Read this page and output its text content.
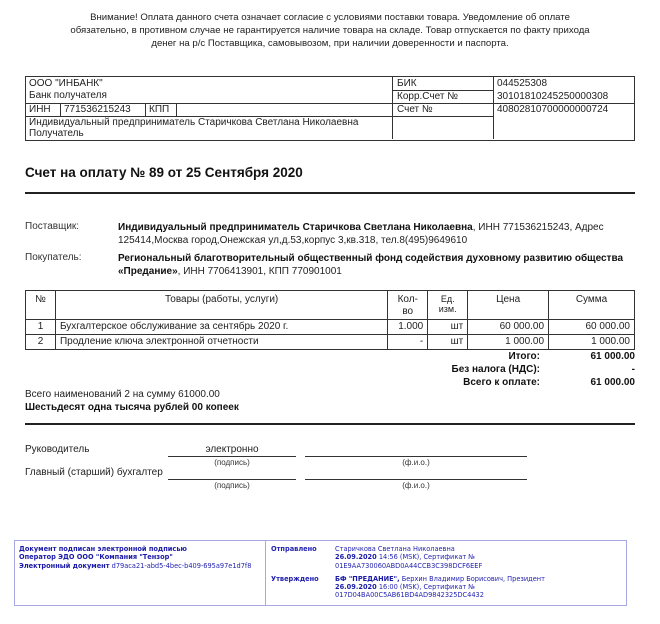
Внимание! Оплата данного счета означает согласие с условиями поставки товара. Уведомление об оплате обязательно, в противном случае не гарантируется наличие товара на складе. Товар отпускается по факту прихода денег на р/с Поставщика, самовывозом, при наличии доверенности и паспорта.
ООО "ИНБАНК"
Банк получателя
ИНН 771536215243 КПП
Индивидуальный предприниматель Старичкова Светлана Николаевна
Получатель
БИК	044525308
Корр.Счет №	30101810245250000308
Счет №	40802810700000000724
Счет на оплату № 89 от 25 Сентября 2020
Поставщик:	Индивидуальный предприниматель Старичкова Светлана Николаевна, ИНН 771536215243, Адрес 125414,Москва город,Онежская ул,д.53,корпус 3,кв.318, тел.8(495)9649610
Покупатель:	Региональный благотворительный общественный фонд содействия духовному развитию общества «Предание», ИНН 7706413901, КПП 770901001
№	Товары (работы, услуги)	Кол-во	Ед. изм.	Цена	Сумма
1	Бухгалтерское обслуживание за сентябрь 2020 г.	1.000	шт	60 000.00	60 000.00
2	Продление ключа электронной отчетности	-	шт	1 000.00	1 000.00
Итого:	61 000.00
Без налога (НДС):	-
Всего к оплате:	61 000.00
Всего наименований 2 на сумму 61000.00
Шестьдесят одна тысяча рублей 00 копеек
Руководитель	электронно
(подпись)	(ф.и.о.)
Главный (старший) бухгалтер
(подпись)	(ф.и.о.)
Документ подписан электронной подписью
Оператор ЭДО ООО "Компания "Тензор"
Электронный документ d79aca21-abd5-4bec-b409-695a97e1d7f8
Отправлено	Старичкова Светлана Николаевна
26.09.2020 14:56 (MSK), Сертификат № 01E9AA730060ABD0A44CCB3C398DCF6EEF
Утверждено БФ "ПРЕДАНИЕ", Берхин Владимир Борисович, Президент
26.09.2020 16:00 (MSK), Сертификат №
017D04BA00C5AB61BD4AD9842325DC4432
